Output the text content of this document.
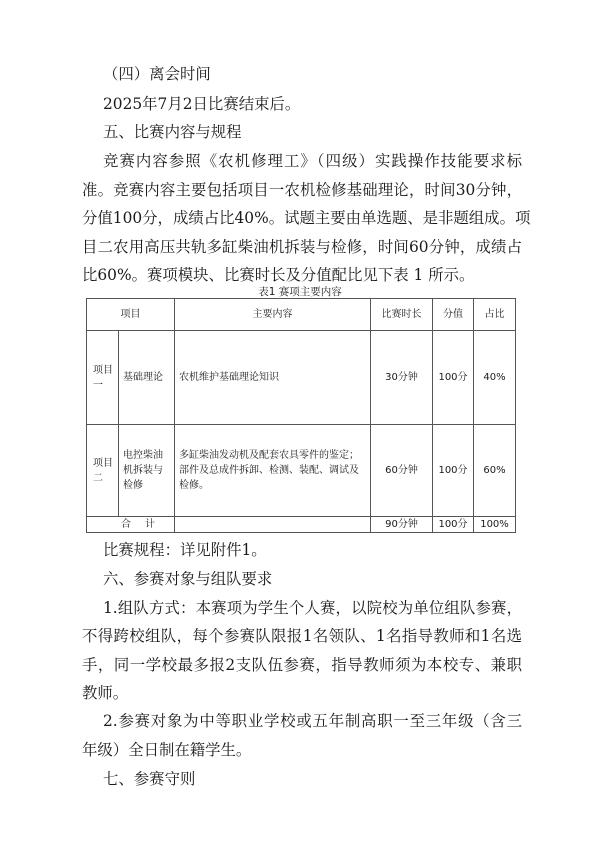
（四）离会时间
2025年7月2日比赛结束后。
五、比赛内容与规程
竞赛内容参照《农机修理工》（四级）实践操作技能要求标
准。竞赛内容主要包括项目一农机检修基础理论，时间30分钟，
分值100分，成绩占比40%。试题主要由单选题、是非题组成。项
目二农用高压共轨多缸柴油机拆装与检修，时间60分钟，成绩占
比60%。赛项模块、比赛时长及分值配比见下表 1 所示。
表1 赛项主要内容
项目		主要内容	比赛时长	分值	占比
项目一	基础理论	农机维护基础理论知识	30分钟	100分	40%
项目二	电控柴油机拆装与检修	多缸柴油发动机及配套农具零件的鉴定；部件及总成件拆卸、检测、装配、调试及检修。	60分钟	100分	60%
合计			90分钟	100分	100%
比赛规程：详见附件1。
六、参赛对象与组队要求
1.组队方式：本赛项为学生个人赛，以院校为单位组队参赛，
不得跨校组队，每个参赛队限报1名领队、1名指导教师和1名选
手，同一学校最多报2支队伍参赛，指导教师须为本校专、兼职
教师。
2.参赛对象为中等职业学校或五年制高职一至三年级（含三
年级）全日制在籍学生。
七、参赛守则
